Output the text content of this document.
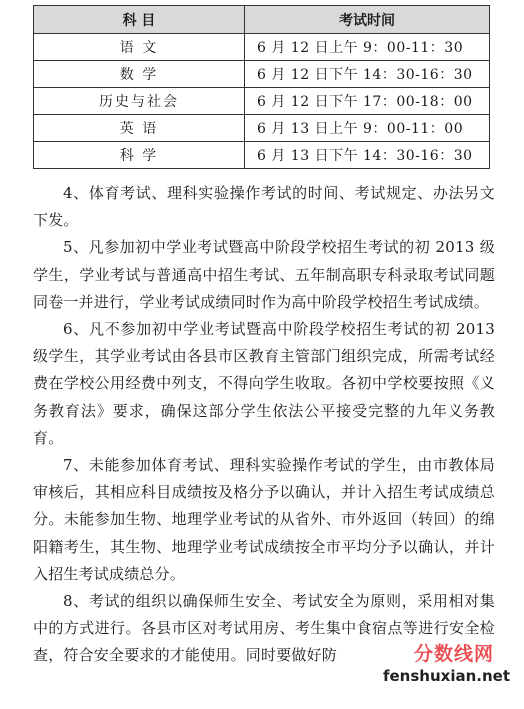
科 目	考试时间
语 文	6 月 12 日上午 9：00-11：30
数 学	6 月 12 日下午 14：30-16：30
历史与社会	6 月 12 日下午 17：00-18：00
英 语	6 月 13 日上午 9：00-11：00
科 学	6 月 13 日下午 14：30-16：30

4、体育考试、理科实验操作考试的时间、考试规定、办法另文下发。

5、凡参加初中学业考试暨高中阶段学校招生考试的初 2013 级学生，学业考试与普通高中招生考试、五年制高职专科录取考试同题同卷一并进行，学业考试成绩同时作为高中阶段学校招生考试成绩。

6、凡不参加初中学业考试暨高中阶段学校招生考试的初 2013 级学生，其学业考试由各县市区教育主管部门组织完成，所需考试经费在学校公用经费中列支，不得向学生收取。各初中学校要按照《义务教育法》要求，确保这部分学生依法公平接受完整的九年义务教育。

7、未能参加体育考试、理科实验操作考试的学生，由市教体局审核后，其相应科目成绩按及格分予以确认，并计入招生考试成绩总分。未能参加生物、地理学业考试的从省外、市外返回（转回）的绵阳籍考生，其生物、地理学业考试成绩按全市平均分予以确认，并计入招生考试成绩总分。

8、考试的组织以确保师生安全、考试安全为原则，采用相对集中的方式进行。各县市区对考试用房、考生集中食宿点等进行安全检查，符合安全要求的才能使用。同时要做好防	分数线网
fenshuxian.net
